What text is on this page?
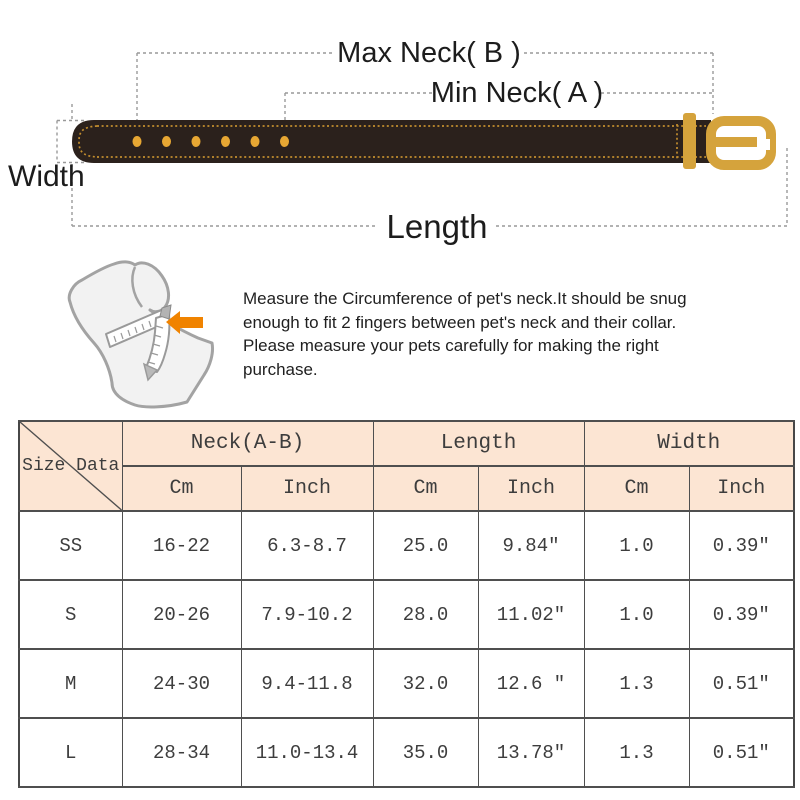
Max Neck( B )
Min Neck( A )
Width
Length
Measure the Circumference of pet's neck.It should be snug
enough to fit 2 fingers between pet's neck and their collar.
Please measure your pets carefully for making the right
purchase.
Size Data	Neck(A-B)		Length		Width	
	Cm	Inch	Cm	Inch	Cm	Inch
SS	16-22	6.3-8.7	25.0	9.84″	1.0	0.39″
S	20-26	7.9-10.2	28.0	11.02″	1.0	0.39″
M	24-30	9.4-11.8	32.0	12.6 ″	1.3	0.51″
L	28-34	11.0-13.4	35.0	13.78″	1.3	0.51″
